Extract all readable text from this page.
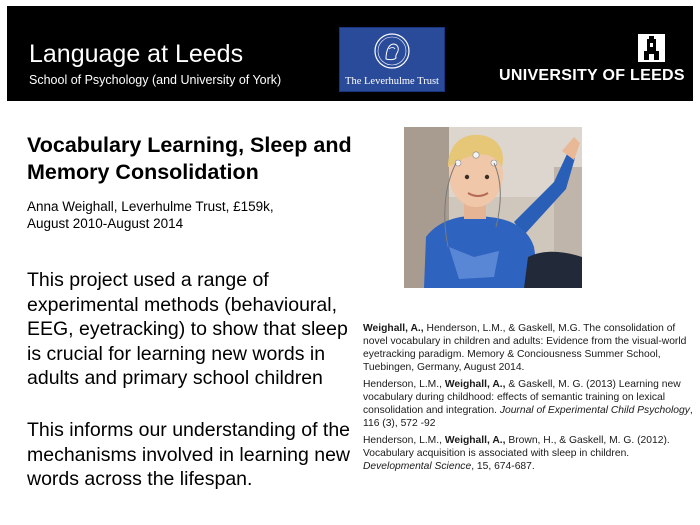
Language at Leeds
School of Psychology (and University of York)	The Leverhulme Trust	UNIVERSITY OF LEEDS
Vocabulary Learning, Sleep and Memory Consolidation
Anna Weighall, Leverhulme Trust, £159k,
August 2010-August 2014
This project used a range of experimental methods (behavioural, EEG, eyetracking) to show that sleep is crucial for learning new words in adults and primary school children
This informs our understanding of the mechanisms involved in learning new words across the lifespan.
Weighall, A., Henderson, L.M., & Gaskell, M.G. The consolidation of novel vocabulary in children and adults: Evidence from the visual-world eyetracking paradigm. Memory & Conciousness Summer School, Tuebingen, Germany, August 2014.
Henderson, L.M., Weighall, A., & Gaskell, M. G. (2013) Learning new vocabulary during childhood: effects of semantic training on lexical consolidation and integration. Journal of Experimental Child Psychology, 116 (3), 572 -92
Henderson, L.M., Weighall, A., Brown, H., & Gaskell, M. G. (2012). Vocabulary acquisition is associated with sleep in children. Developmental Science, 15, 674-687.
